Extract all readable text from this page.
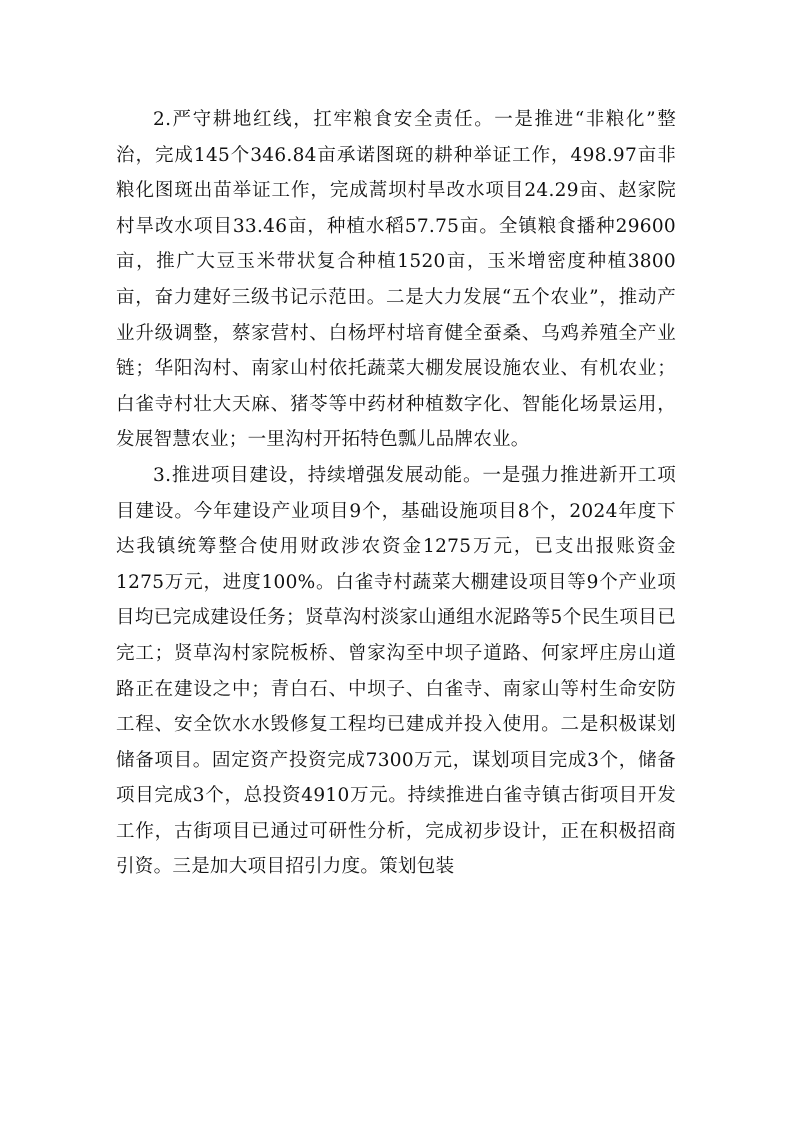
2.严守耕地红线，扛牢粮食安全责任。一是推进“非粮化”整治，完成145个346.84亩承诺图斑的耕种举证工作，498.97亩非粮化图斑出苗举证工作，完成蒿坝村旱改水项目24.29亩、赵家院村旱改水项目33.46亩，种植水稻57.75亩。全镇粮食播种29600亩，推广大豆玉米带状复合种植1520亩，玉米增密度种植3800亩，奋力建好三级书记示范田。二是大力发展“五个农业”，推动产业升级调整，蔡家营村、白杨坪村培育健全蚕桑、乌鸡养殖全产业链；华阳沟村、南家山村依托蔬菜大棚发展设施农业、有机农业；白雀寺村壮大天麻、猪苓等中药材种植数字化、智能化场景运用，发展智慧农业；一里沟村开拓特色瓢儿品牌农业。

3.推进项目建设，持续增强发展动能。一是强力推进新开工项目建设。今年建设产业项目9个，基础设施项目8个，2024年度下达我镇统筹整合使用财政涉农资金1275万元，已支出报账资金1275万元，进度100%。白雀寺村蔬菜大棚建设项目等9个产业项目均已完成建设任务；贤草沟村淡家山通组水泥路等5个民生项目已完工；贤草沟村家院板桥、曾家沟至中坝子道路、何家坪庄房山道路正在建设之中；青白石、中坝子、白雀寺、南家山等村生命安防工程、安全饮水水毁修复工程均已建成并投入使用。二是积极谋划储备项目。固定资产投资完成7300万元，谋划项目完成3个，储备项目完成3个，总投资4910万元。持续推进白雀寺镇古街项目开发工作，古街项目已通过可研性分析，完成初步设计，正在积极招商引资。三是加大项目招引力度。策划包装
